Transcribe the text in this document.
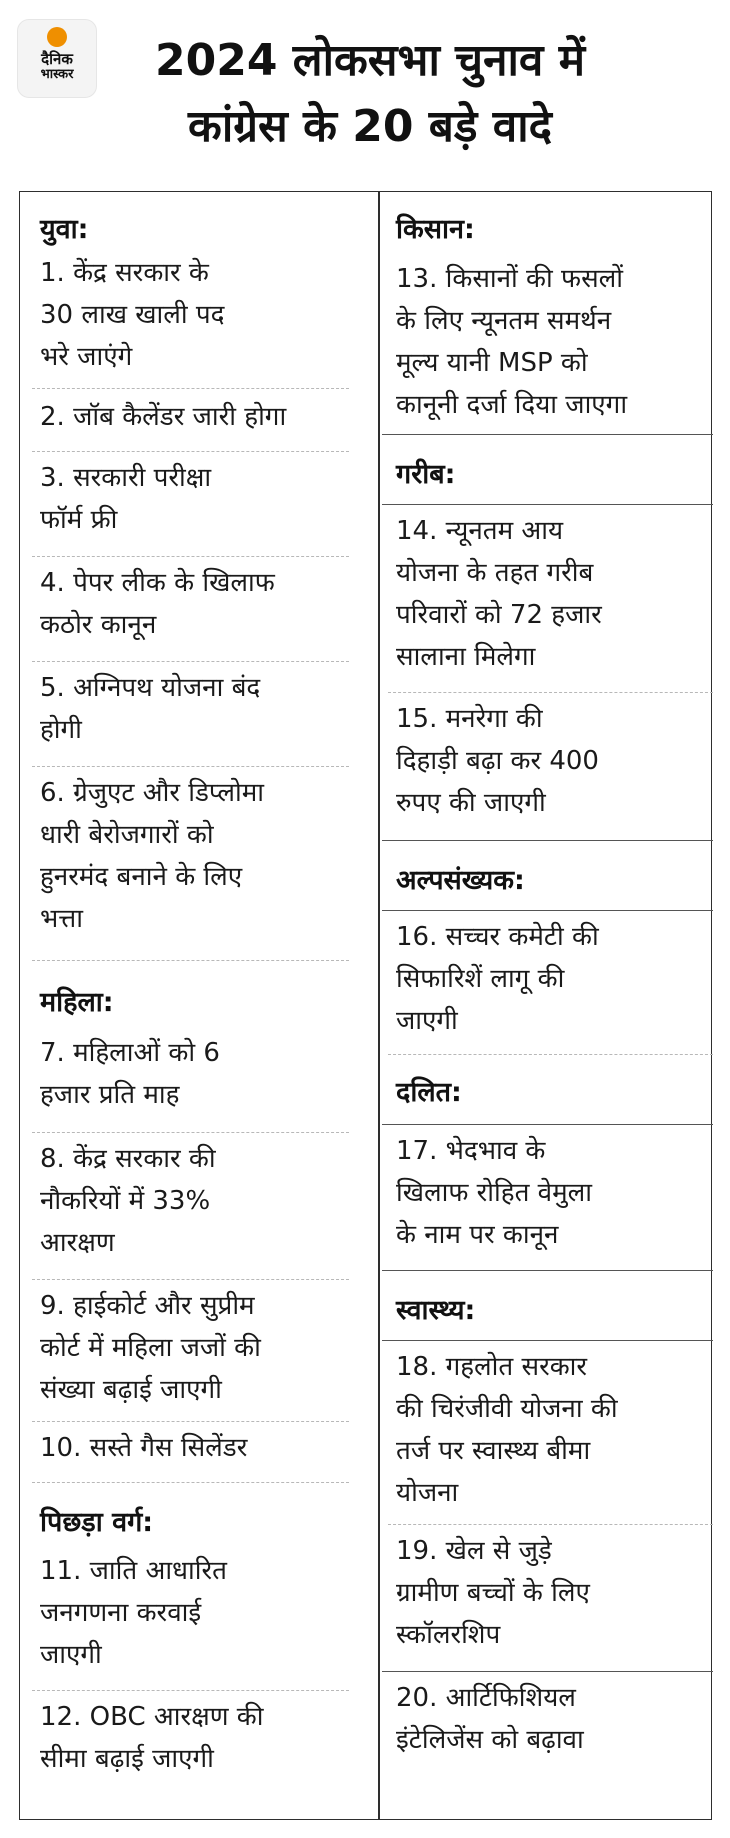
दैनिक
भास्कर	2024 लोकसभा चुनाव में
कांग्रेस के 20 बड़े वादे
युवा:
1. केंद्र सरकार के
30 लाख खाली पद
भरे जाएंगे
2. जॉब कैलेंडर जारी होगा
3. सरकारी परीक्षा
फॉर्म फ्री
4. पेपर लीक के खिलाफ
कठोर कानून
5. अग्निपथ योजना बंद
होगी
6. ग्रेजुएट और डिप्लोमा
धारी बेरोजगारों को
हुनरमंद बनाने के लिए
भत्ता
महिला:
7. महिलाओं को 6
हजार प्रति माह
8. केंद्र सरकार की
नौकरियों में 33%
आरक्षण
9. हाईकोर्ट और सुप्रीम
कोर्ट में महिला जजों की
संख्या बढ़ाई जाएगी
10. सस्ते गैस सिलेंडर
पिछड़ा वर्ग:
11. जाति आधारित
जनगणना करवाई
जाएगी
12. OBC आरक्षण की
सीमा बढ़ाई जाएगी
किसान:
13. किसानों की फसलों
के लिए न्यूनतम समर्थन
मूल्य यानी MSP को
कानूनी दर्जा दिया जाएगा
गरीब:
14. न्यूनतम आय
योजना के तहत गरीब
परिवारों को 72 हजार
सालाना मिलेगा
15. मनरेगा की
दिहाड़ी बढ़ा कर 400
रुपए की जाएगी
अल्पसंख्यक:
16. सच्चर कमेटी की
सिफारिशें लागू की
जाएगी
दलित:
17. भेदभाव के
खिलाफ रोहित वेमुला
के नाम पर कानून
स्वास्थ्य:
18. गहलोत सरकार
की चिरंजीवी योजना की
तर्ज पर स्वास्थ्य बीमा
योजना
19. खेल से जुड़े
ग्रामीण बच्चों के लिए
स्कॉलरशिप
20. आर्टिफिशियल
इंटेलिजेंस को बढ़ावा
